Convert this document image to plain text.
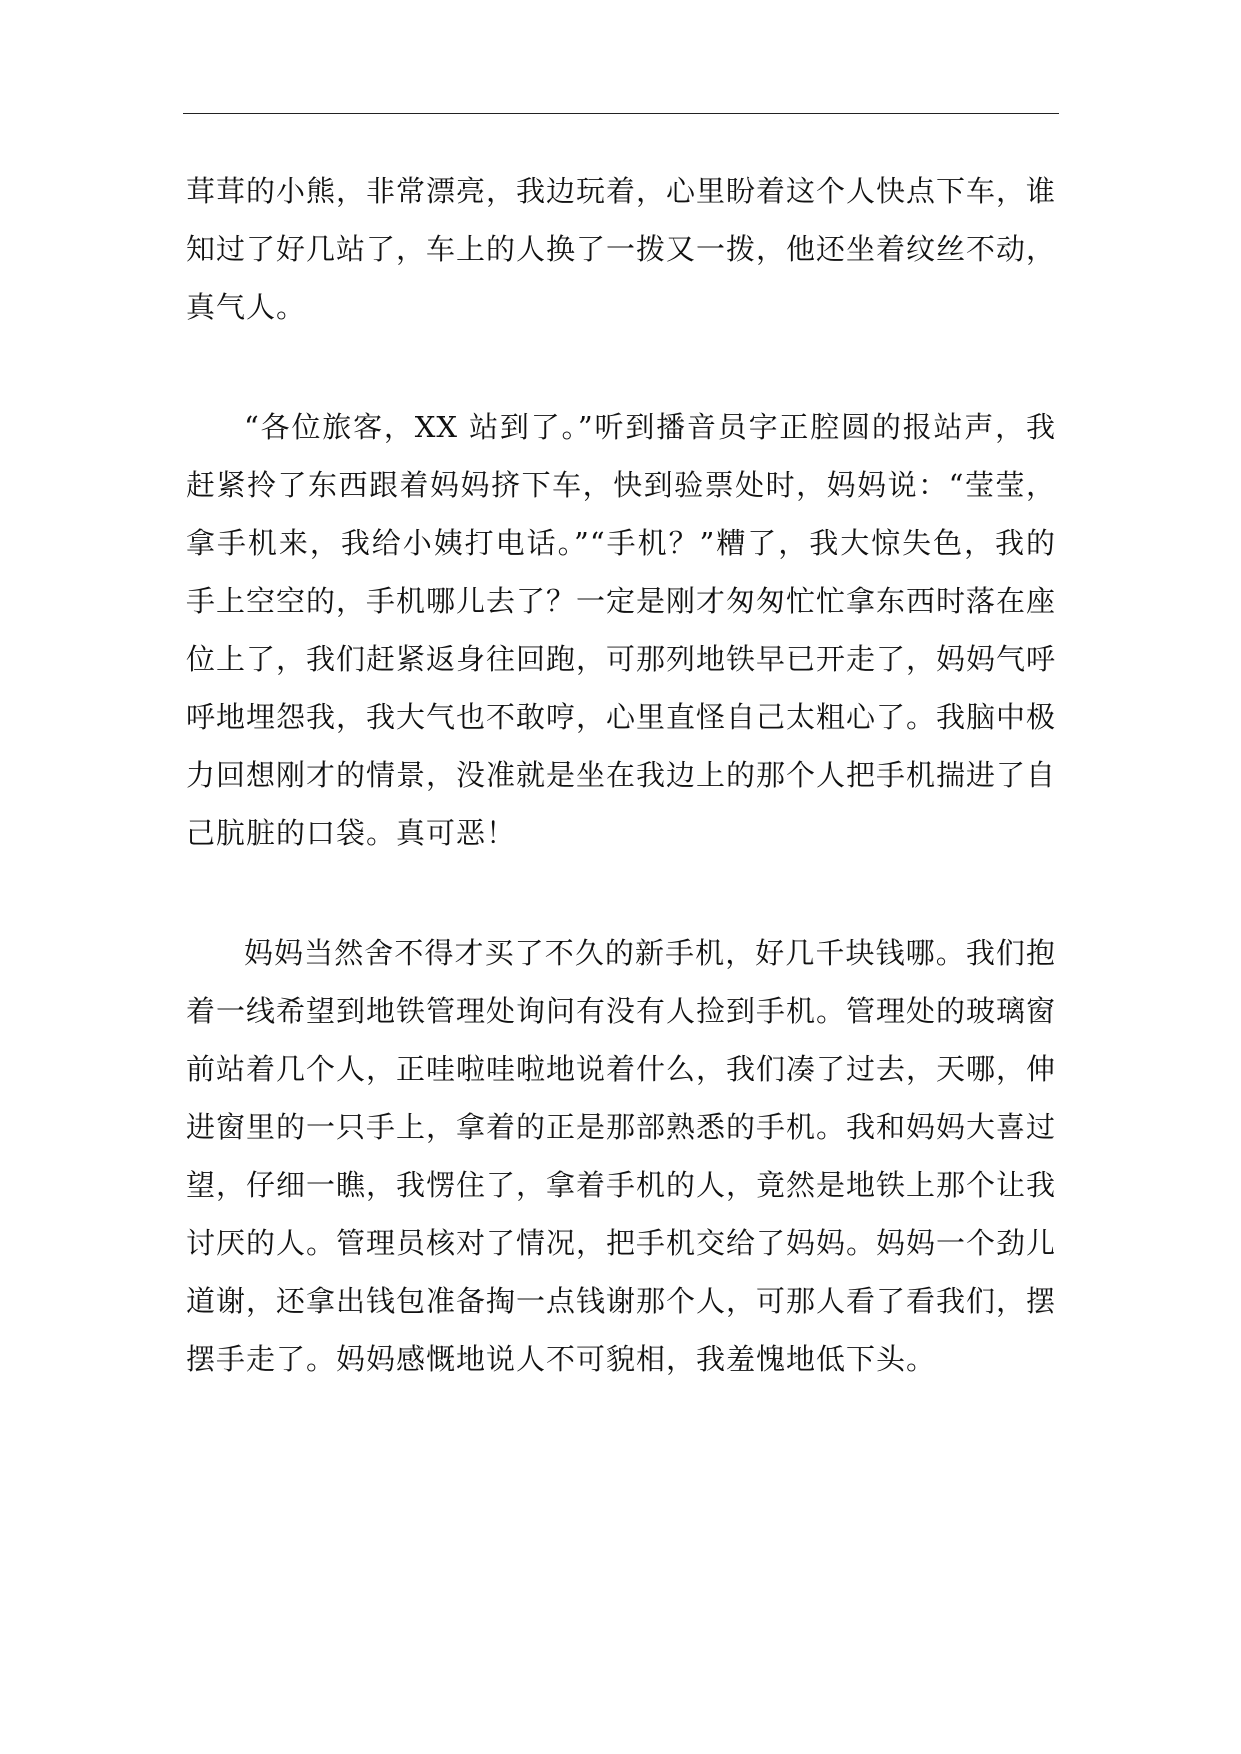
茸茸的小熊，非常漂亮，我边玩着，心里盼着这个人快点下车，谁知过了好几站了，车上的人换了一拨又一拨，他还坐着纹丝不动，真气人。

“各位旅客，XX 站到了。”听到播音员字正腔圆的报站声，我赶紧拎了东西跟着妈妈挤下车，快到验票处时，妈妈说：“莹莹，拿手机来，我给小姨打电话。”“手机？”糟了，我大惊失色，我的手上空空的，手机哪儿去了？一定是刚才匆匆忙忙拿东西时落在座位上了，我们赶紧返身往回跑，可那列地铁早已开走了，妈妈气呼呼地埋怨我，我大气也不敢哼，心里直怪自己太粗心了。我脑中极力回想刚才的情景，没准就是坐在我边上的那个人把手机揣进了自己肮脏的口袋。真可恶！

妈妈当然舍不得才买了不久的新手机，好几千块钱哪。我们抱着一线希望到地铁管理处询问有没有人捡到手机。管理处的玻璃窗前站着几个人，正哇啦哇啦地说着什么，我们凑了过去，天哪，伸进窗里的一只手上，拿着的正是那部熟悉的手机。我和妈妈大喜过望，仔细一瞧，我愣住了，拿着手机的人，竟然是地铁上那个让我讨厌的人。管理员核对了情况，把手机交给了妈妈。妈妈一个劲儿道谢，还拿出钱包准备掏一点钱谢那个人，可那人看了看我们，摆摆手走了。妈妈感慨地说人不可貌相，我羞愧地低下头。
